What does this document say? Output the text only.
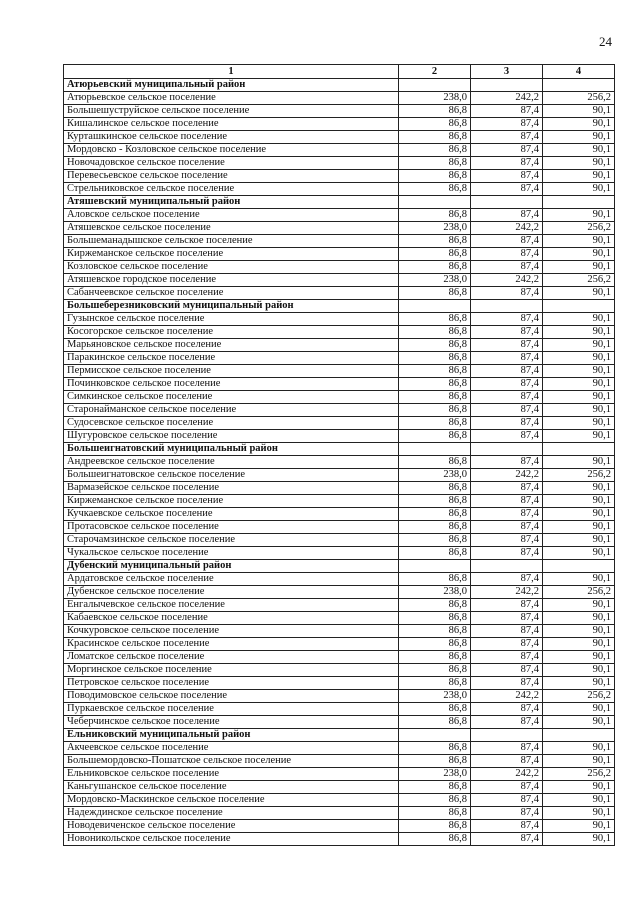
24
1	2	3	4
Атюрьевский муниципальный район			
Атюрьевское сельское поселение	238,0	242,2	256,2
Большешуструйское сельское поселение	86,8	87,4	90,1
Кишалинское сельское поселение	86,8	87,4	90,1
Курташкинское сельское поселение	86,8	87,4	90,1
Мордовско - Козловское сельское поселение	86,8	87,4	90,1
Новочадовское сельское поселение	86,8	87,4	90,1
Перевесьевское сельское поселение	86,8	87,4	90,1
Стрельниковское сельское поселение	86,8	87,4	90,1
Атяшевский муниципальный район			
Аловское сельское поселение	86,8	87,4	90,1
Атяшевское сельское поселение	238,0	242,2	256,2
Большеманадышское сельское поселение	86,8	87,4	90,1
Киржеманское сельское поселение	86,8	87,4	90,1
Козловское сельское поселение	86,8	87,4	90,1
Атяшевское городское поселение	238,0	242,2	256,2
Сабанчеевское сельское поселение	86,8	87,4	90,1
Большеберезниковский муниципальный район			
Гузынское сельское поселение	86,8	87,4	90,1
Косогорское сельское поселение	86,8	87,4	90,1
Марьяновское сельское поселение	86,8	87,4	90,1
Паракинское сельское поселение	86,8	87,4	90,1
Пермисское сельское поселение	86,8	87,4	90,1
Починковское сельское поселение	86,8	87,4	90,1
Симкинское сельское поселение	86,8	87,4	90,1
Старонайманское сельское поселение	86,8	87,4	90,1
Судосевское сельское поселение	86,8	87,4	90,1
Шугуровское сельское поселение	86,8	87,4	90,1
Большеигнатовский муниципальный район			
Андреевское сельское поселение	86,8	87,4	90,1
Большеигнатовское сельское поселение	238,0	242,2	256,2
Вармазейское сельское поселение	86,8	87,4	90,1
Киржеманское сельское поселение	86,8	87,4	90,1
Кучкаевское сельское поселение	86,8	87,4	90,1
Протасовское сельское поселение	86,8	87,4	90,1
Старочамзинское сельское поселение	86,8	87,4	90,1
Чукальское сельское поселение	86,8	87,4	90,1
Дубенский муниципальный район			
Ардатовское сельское поселение	86,8	87,4	90,1
Дубенское сельское поселение	238,0	242,2	256,2
Енгалычевское сельское поселение	86,8	87,4	90,1
Кабаевское сельское поселение	86,8	87,4	90,1
Кочкуровское сельское поселение	86,8	87,4	90,1
Красинское сельское поселение	86,8	87,4	90,1
Ломатское сельское поселение	86,8	87,4	90,1
Моргинское сельское поселение	86,8	87,4	90,1
Петровское сельское поселение	86,8	87,4	90,1
Поводимовское сельское поселение	238,0	242,2	256,2
Пуркаевское сельское поселение	86,8	87,4	90,1
Чеберчинское сельское поселение	86,8	87,4	90,1
Ельниковский муниципальный район			
Акчеевское сельское поселение	86,8	87,4	90,1
Большемордовско-Пошатское сельское поселение	86,8	87,4	90,1
Ельниковское сельское поселение	238,0	242,2	256,2
Каньгушанское сельское поселение	86,8	87,4	90,1
Мордовско-Маскинское сельское поселение	86,8	87,4	90,1
Надеждинское сельское поселение	86,8	87,4	90,1
Новодевиченское сельское поселение	86,8	87,4	90,1
Новоникольское сельское поселение	86,8	87,4	90,1
